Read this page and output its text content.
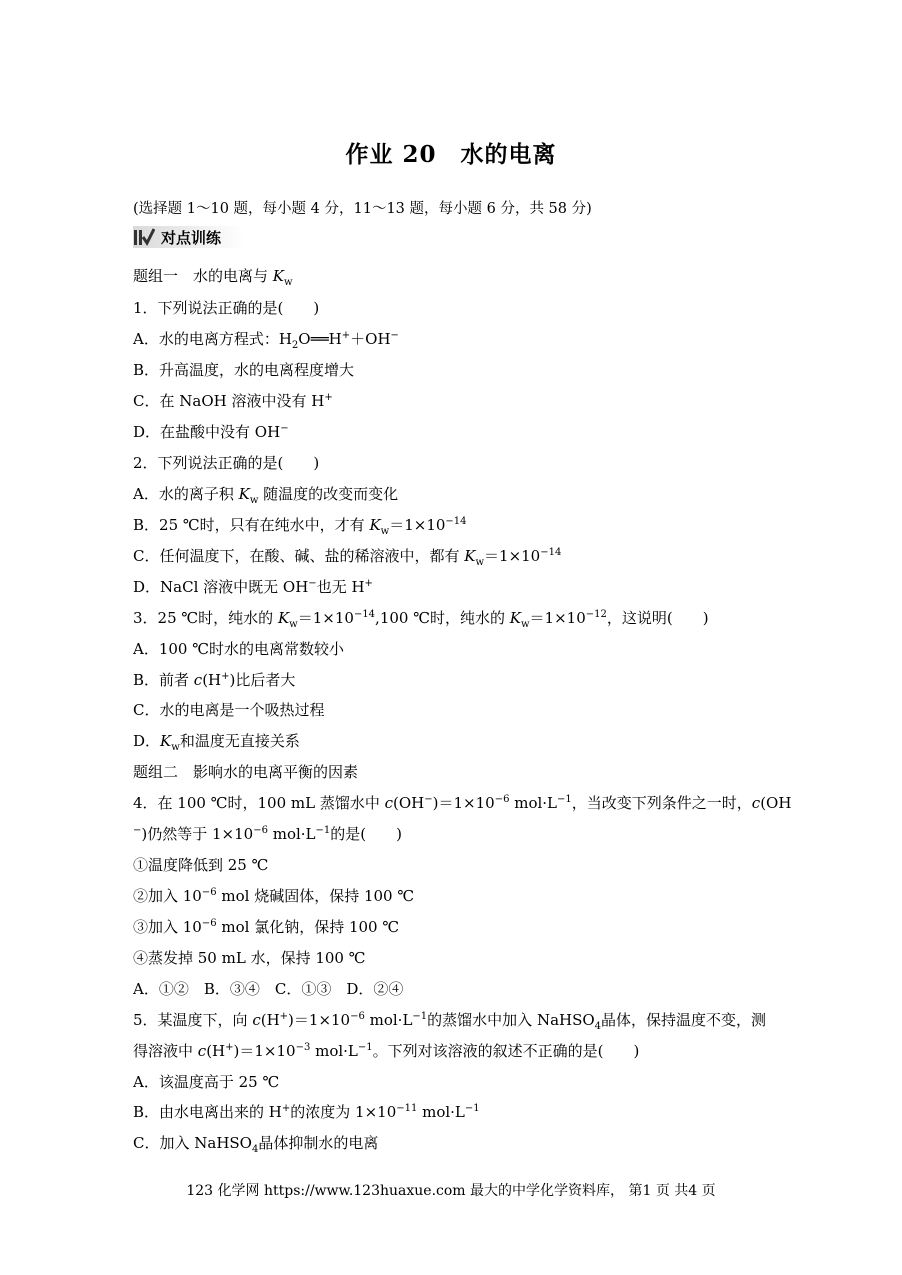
作业 20　水的电离
(选择题 1～10 题，每小题 4 分，11～13 题，每小题 6 分，共 58 分)
对点训练
题组一　水的电离与 $K_w$
1．下列说法正确的是(　　)
A．水的电离方程式：$H_2O══H^++OH^-$
B．升高温度，水的电离程度增大
C．在 NaOH 溶液中没有 H+
D．在盐酸中没有 OH−
2．下列说法正确的是(　　)
A．水的离子积 $K_w$ 随温度的改变而变化
B．25 ℃时，只有在纯水中，才有 $K_w=1\times 10^{-14}$
C．任何温度下，在酸、碱、盐的稀溶液中，都有 $K_w=1\times 10^{-14}$
D．NaCl 溶液中既无 OH−也无 H+
3．25 ℃时，纯水的 $K_w=1\times 10^{-14},100$ ℃时，纯水的 $K_w=1\times 10^{-12}$，这说明(　　)
A．100 ℃时水的电离常数较小
B．前者 c(H+)比后者大
C．水的电离是一个吸热过程
D．$K_w$和温度无直接关系
题组二　影响水的电离平衡的因素
4．在 100 ℃时，100 mL 蒸馏水中 $c(OH^-)=1\times 10^{-6}$ $mol\cdot L^{-1}$，当改变下列条件之一时，c(OH
−)仍然等于 $1\times 10^{-6}$ $mol\cdot L^{-1}$的是(　　)
①温度降低到 25 ℃
②加入 $10^{-6}$ mol 烧碱固体，保持 100 ℃
③加入 $10^{-6}$ mol 氯化钠，保持 100 ℃
④蒸发掉 50 mL 水，保持 100 ℃
A．①②　B．③④　C．①③　D．②④
5．某温度下，向 $c(H^+)=1\times 10^{-6}$ $mol\cdot L^{-1}$的蒸馏水中加入 NaHSO$_4$晶体，保持温度不变，测
得溶液中 $c(H^+)=1\times 10^{-3}$ $mol\cdot L^{-1}$。下列对该溶液的叙述不正确的是(　　)
A．该温度高于 25 ℃
B．由水电离出来的 H+的浓度为 $1\times 10^{-11}$ $mol\cdot L^{-1}$
C．加入 NaHSO$_4$晶体抑制水的电离
123 化学网 https://www.123huaxue.com 最大的中学化学资料库， 第1 页 共4 页
